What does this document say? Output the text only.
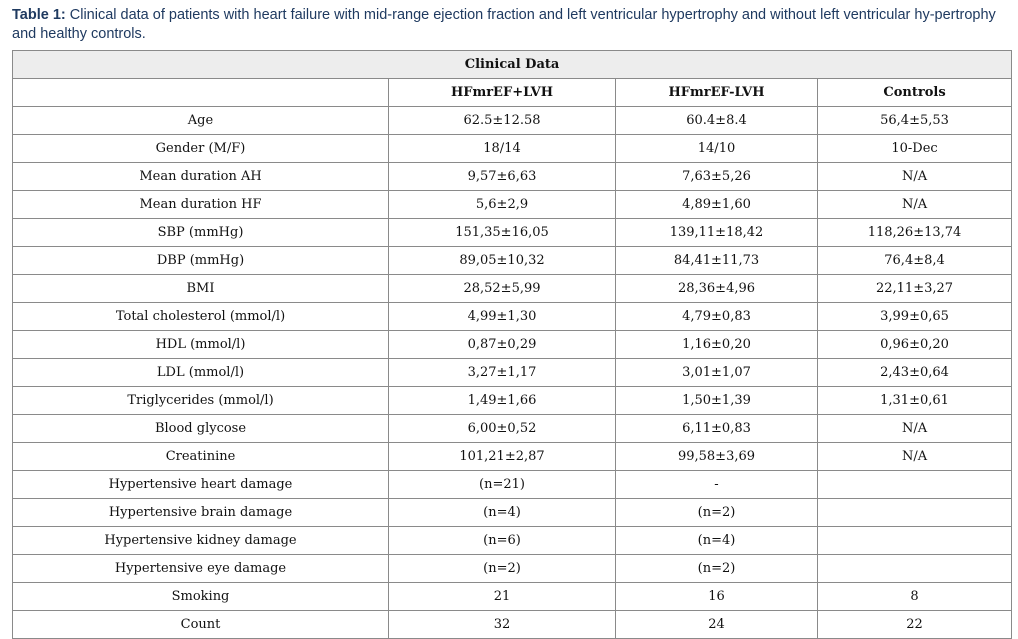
Table 1: Clinical data of patients with heart failure with mid-range ejection fraction and left ventricular hypertrophy and without left ventricular hy-pertrophy and healthy controls.
Clinical Data			
	HFmrEF+LVH	HFmrEF-LVH	Controls
Age	62.5±12.58	60.4±8.4	56,4±5,53
Gender (M/F)	18/14	14/10	10-Dec
Mean duration AH	9,57±6,63	7,63±5,26	N/A
Mean duration HF	5,6±2,9	4,89±1,60	N/A
SBP (mmHg)	151,35±16,05	139,11±18,42	118,26±13,74
DBP (mmHg)	89,05±10,32	84,41±11,73	76,4±8,4
BMI	28,52±5,99	28,36±4,96	22,11±3,27
Total cholesterol (mmol/l)	4,99±1,30	4,79±0,83	3,99±0,65
HDL (mmol/l)	0,87±0,29	1,16±0,20	0,96±0,20
LDL (mmol/l)	3,27±1,17	3,01±1,07	2,43±0,64
Triglycerides (mmol/l)	1,49±1,66	1,50±1,39	1,31±0,61
Blood glycose	6,00±0,52	6,11±0,83	N/A
Creatinine	101,21±2,87	99,58±3,69	N/A
Hypertensive heart damage	(n=21)	-	
Hypertensive brain damage	(n=4)	(n=2)	
Hypertensive kidney damage	(n=6)	(n=4)	
Hypertensive eye damage	(n=2)	(n=2)	
Smoking	21	16	8
Count	32	24	22
